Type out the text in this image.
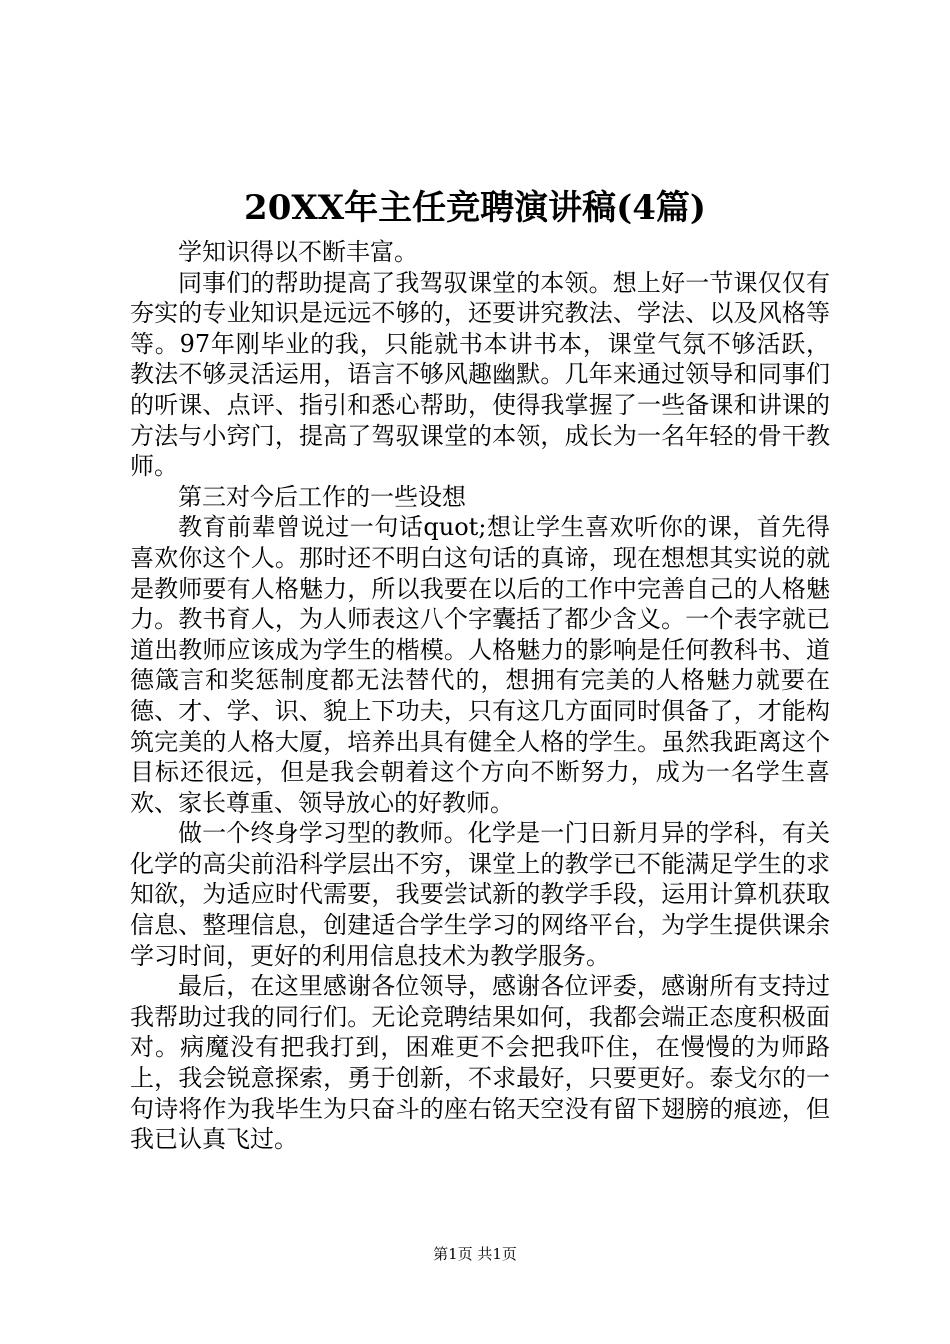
20XX年主任竞聘演讲稿(4篇)

学知识得以不断丰富。

同事们的帮助提高了我驾驭课堂的本领。想上好一节课仅仅有夯实的专业知识是远远不够的，还要讲究教法、学法、以及风格等等。97年刚毕业的我，只能就书本讲书本，课堂气氛不够活跃，教法不够灵活运用，语言不够风趣幽默。几年来通过领导和同事们的听课、点评、指引和悉心帮助，使得我掌握了一些备课和讲课的方法与小窍门，提高了驾驭课堂的本领，成长为一名年轻的骨干教师。

第三对今后工作的一些设想

教育前辈曾说过一句话quot;想让学生喜欢听你的课，首先得喜欢你这个人。那时还不明白这句话的真谛，现在想想其实说的就是教师要有人格魅力，所以我要在以后的工作中完善自己的人格魅力。教书育人，为人师表这八个字囊括了都少含义。一个表字就已道出教师应该成为学生的楷模。人格魅力的影响是任何教科书、道德箴言和奖惩制度都无法替代的，想拥有完美的人格魅力就要在德、才、学、识、貌上下功夫，只有这几方面同时俱备了，才能构筑完美的人格大厦，培养出具有健全人格的学生。虽然我距离这个目标还很远，但是我会朝着这个方向不断努力，成为一名学生喜欢、家长尊重、领导放心的好教师。

做一个终身学习型的教师。化学是一门日新月异的学科，有关化学的高尖前沿科学层出不穷，课堂上的教学已不能满足学生的求知欲，为适应时代需要，我要尝试新的教学手段，运用计算机获取信息、整理信息，创建适合学生学习的网络平台，为学生提供课余学习时间，更好的利用信息技术为教学服务。

最后，在这里感谢各位领导，感谢各位评委，感谢所有支持过我帮助过我的同行们。无论竞聘结果如何，我都会端正态度积极面对。病魔没有把我打到，困难更不会把我吓住，在慢慢的为师路上，我会锐意探索，勇于创新，不求最好，只要更好。泰戈尔的一句诗将作为我毕生为只奋斗的座右铭天空没有留下翅膀的痕迹，但我已认真飞过。

第1页 共1页
